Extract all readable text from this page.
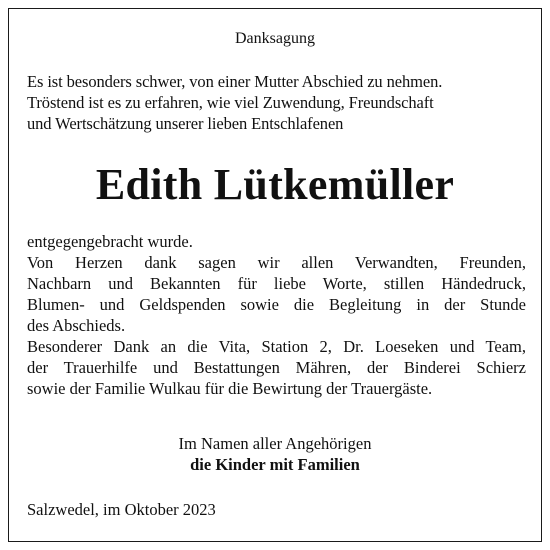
Danksagung
Es ist besonders schwer, von einer Mutter Abschied zu nehmen.
Tröstend ist es zu erfahren, wie viel Zuwendung, Freundschaft
und Wertschätzung unserer lieben Entschlafenen
Edith Lütkemüller
entgegengebracht wurde.
Von Herzen dank sagen wir allen Verwandten, Freunden,
Nachbarn und Bekannten für liebe Worte, stillen Händedruck,
Blumen- und Geldspenden sowie die Begleitung in der Stunde
des Abschieds.
Besonderer Dank an die Vita, Station 2, Dr. Loeseken und Team,
der Trauerhilfe und Bestattungen Mähren, der Binderei Schierz
sowie der Familie Wulkau für die Bewirtung der Trauergäste.
Im Namen aller Angehörigen
die Kinder mit Familien
Salzwedel, im Oktober 2023
